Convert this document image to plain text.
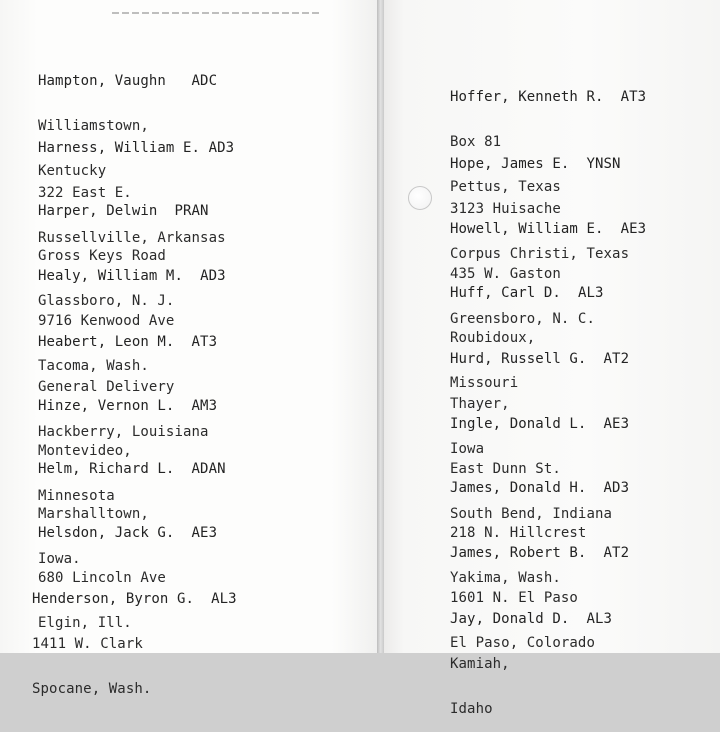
Hampton, Vaughn ADC

Williamstown,

Kentucky

Harness, William E. AD3

322 East E.

Russellville, Arkansas

Harper, Delwin PRAN

Gross Keys Road

Glassboro, N. J.

Healy, William M. AD3

9716 Kenwood Ave

Tacoma, Wash.

Heabert, Leon M. AT3

General Delivery

Hackberry, Louisiana

Hinze, Vernon L. AM3

Montevideo,

Minnesota

Helm, Richard L. ADAN

Marshalltown,

Iowa.

Helsdon, Jack G. AE3

680 Lincoln Ave

Elgin, Ill.

Henderson, Byron G. AL3

1411 W. Clark

Spocane, Wash.

Hoffer, Kenneth R. AT3

Box 81

Pettus, Texas

Hope, James E. YNSN

3123 Huisache

Corpus Christi, Texas

Howell, William E. AE3

435 W. Gaston

Greensboro, N. C.

Huff, Carl D. AL3

Roubidoux,

Missouri

Hurd, Russell G. AT2

Thayer,

Iowa

Ingle, Donald L. AE3

East Dunn St.

South Bend, Indiana

James, Donald H. AD3

218 N. Hillcrest

Yakima, Wash.

James, Robert B. AT2

1601 N. El Paso

El Paso, Colorado

Jay, Donald D. AL3

Kamiah,

Idaho
